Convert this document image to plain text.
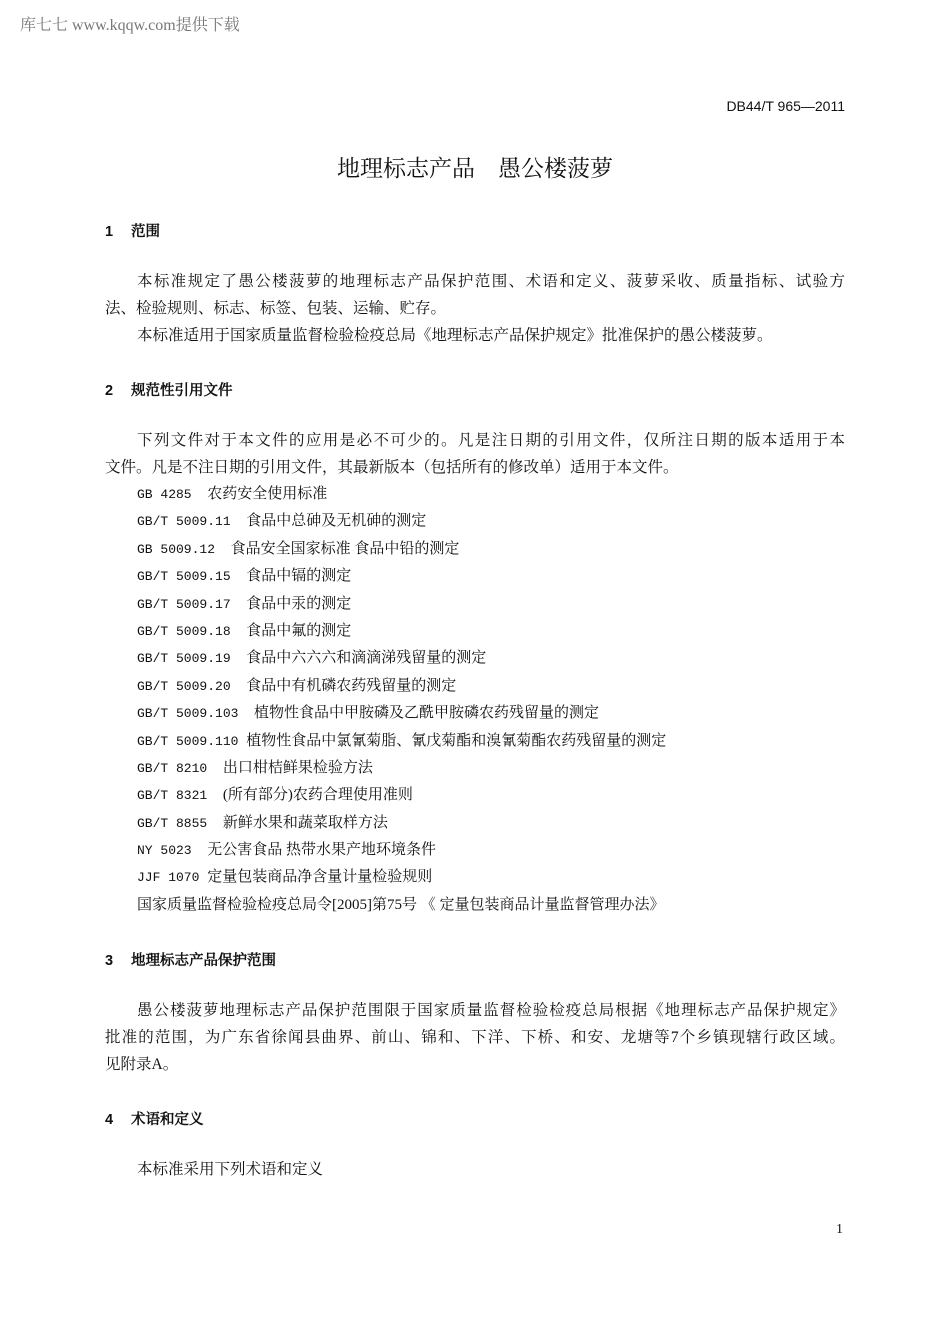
库七七 www.kqqw.com提供下载
DB44/T 965—2011
地理标志产品　愚公楼菠萝
1 范围
本标准规定了愚公楼菠萝的地理标志产品保护范围、术语和定义、菠萝采收、质量指标、试验方
法、检验规则、标志、标签、包装、运输、贮存。
本标准适用于国家质量监督检验检疫总局《地理标志产品保护规定》批准保护的愚公楼菠萝。
2 规范性引用文件
下列文件对于本文件的应用是必不可少的。凡是注日期的引用文件，仅所注日期的版本适用于本
文件。凡是不注日期的引用文件，其最新版本（包括所有的修改单）适用于本文件。
GB 4285  农药安全使用标准
GB/T 5009.11  食品中总砷及无机砷的测定
GB 5009.12  食品安全国家标准 食品中铅的测定
GB/T 5009.15  食品中镉的测定
GB/T 5009.17  食品中汞的测定
GB/T 5009.18  食品中氟的测定
GB/T 5009.19  食品中六六六和滴滴涕残留量的测定
GB/T 5009.20  食品中有机磷农药残留量的测定
GB/T 5009.103  植物性食品中甲胺磷及乙酰甲胺磷农药残留量的测定
GB/T 5009.110 植物性食品中氯氰菊脂、氰戊菊酯和溴氰菊酯农药残留量的测定
GB/T 8210  出口柑桔鲜果检验方法
GB/T 8321  (所有部分)农药合理使用准则
GB/T 8855  新鲜水果和蔬菜取样方法
NY 5023  无公害食品 热带水果产地环境条件
JJF 1070 定量包装商品净含量计量检验规则
国家质量监督检验检疫总局令[2005]第75号 《 定量包装商品计量监督管理办法》
3 地理标志产品保护范围
愚公楼菠萝地理标志产品保护范围限于国家质量监督检验检疫总局根据《地理标志产品保护规定》
批准的范围，为广东省徐闻县曲界、前山、锦和、下洋、下桥、和安、龙塘等7个乡镇现辖行政区域。
见附录A。
4 术语和定义
本标准采用下列术语和定义
1
